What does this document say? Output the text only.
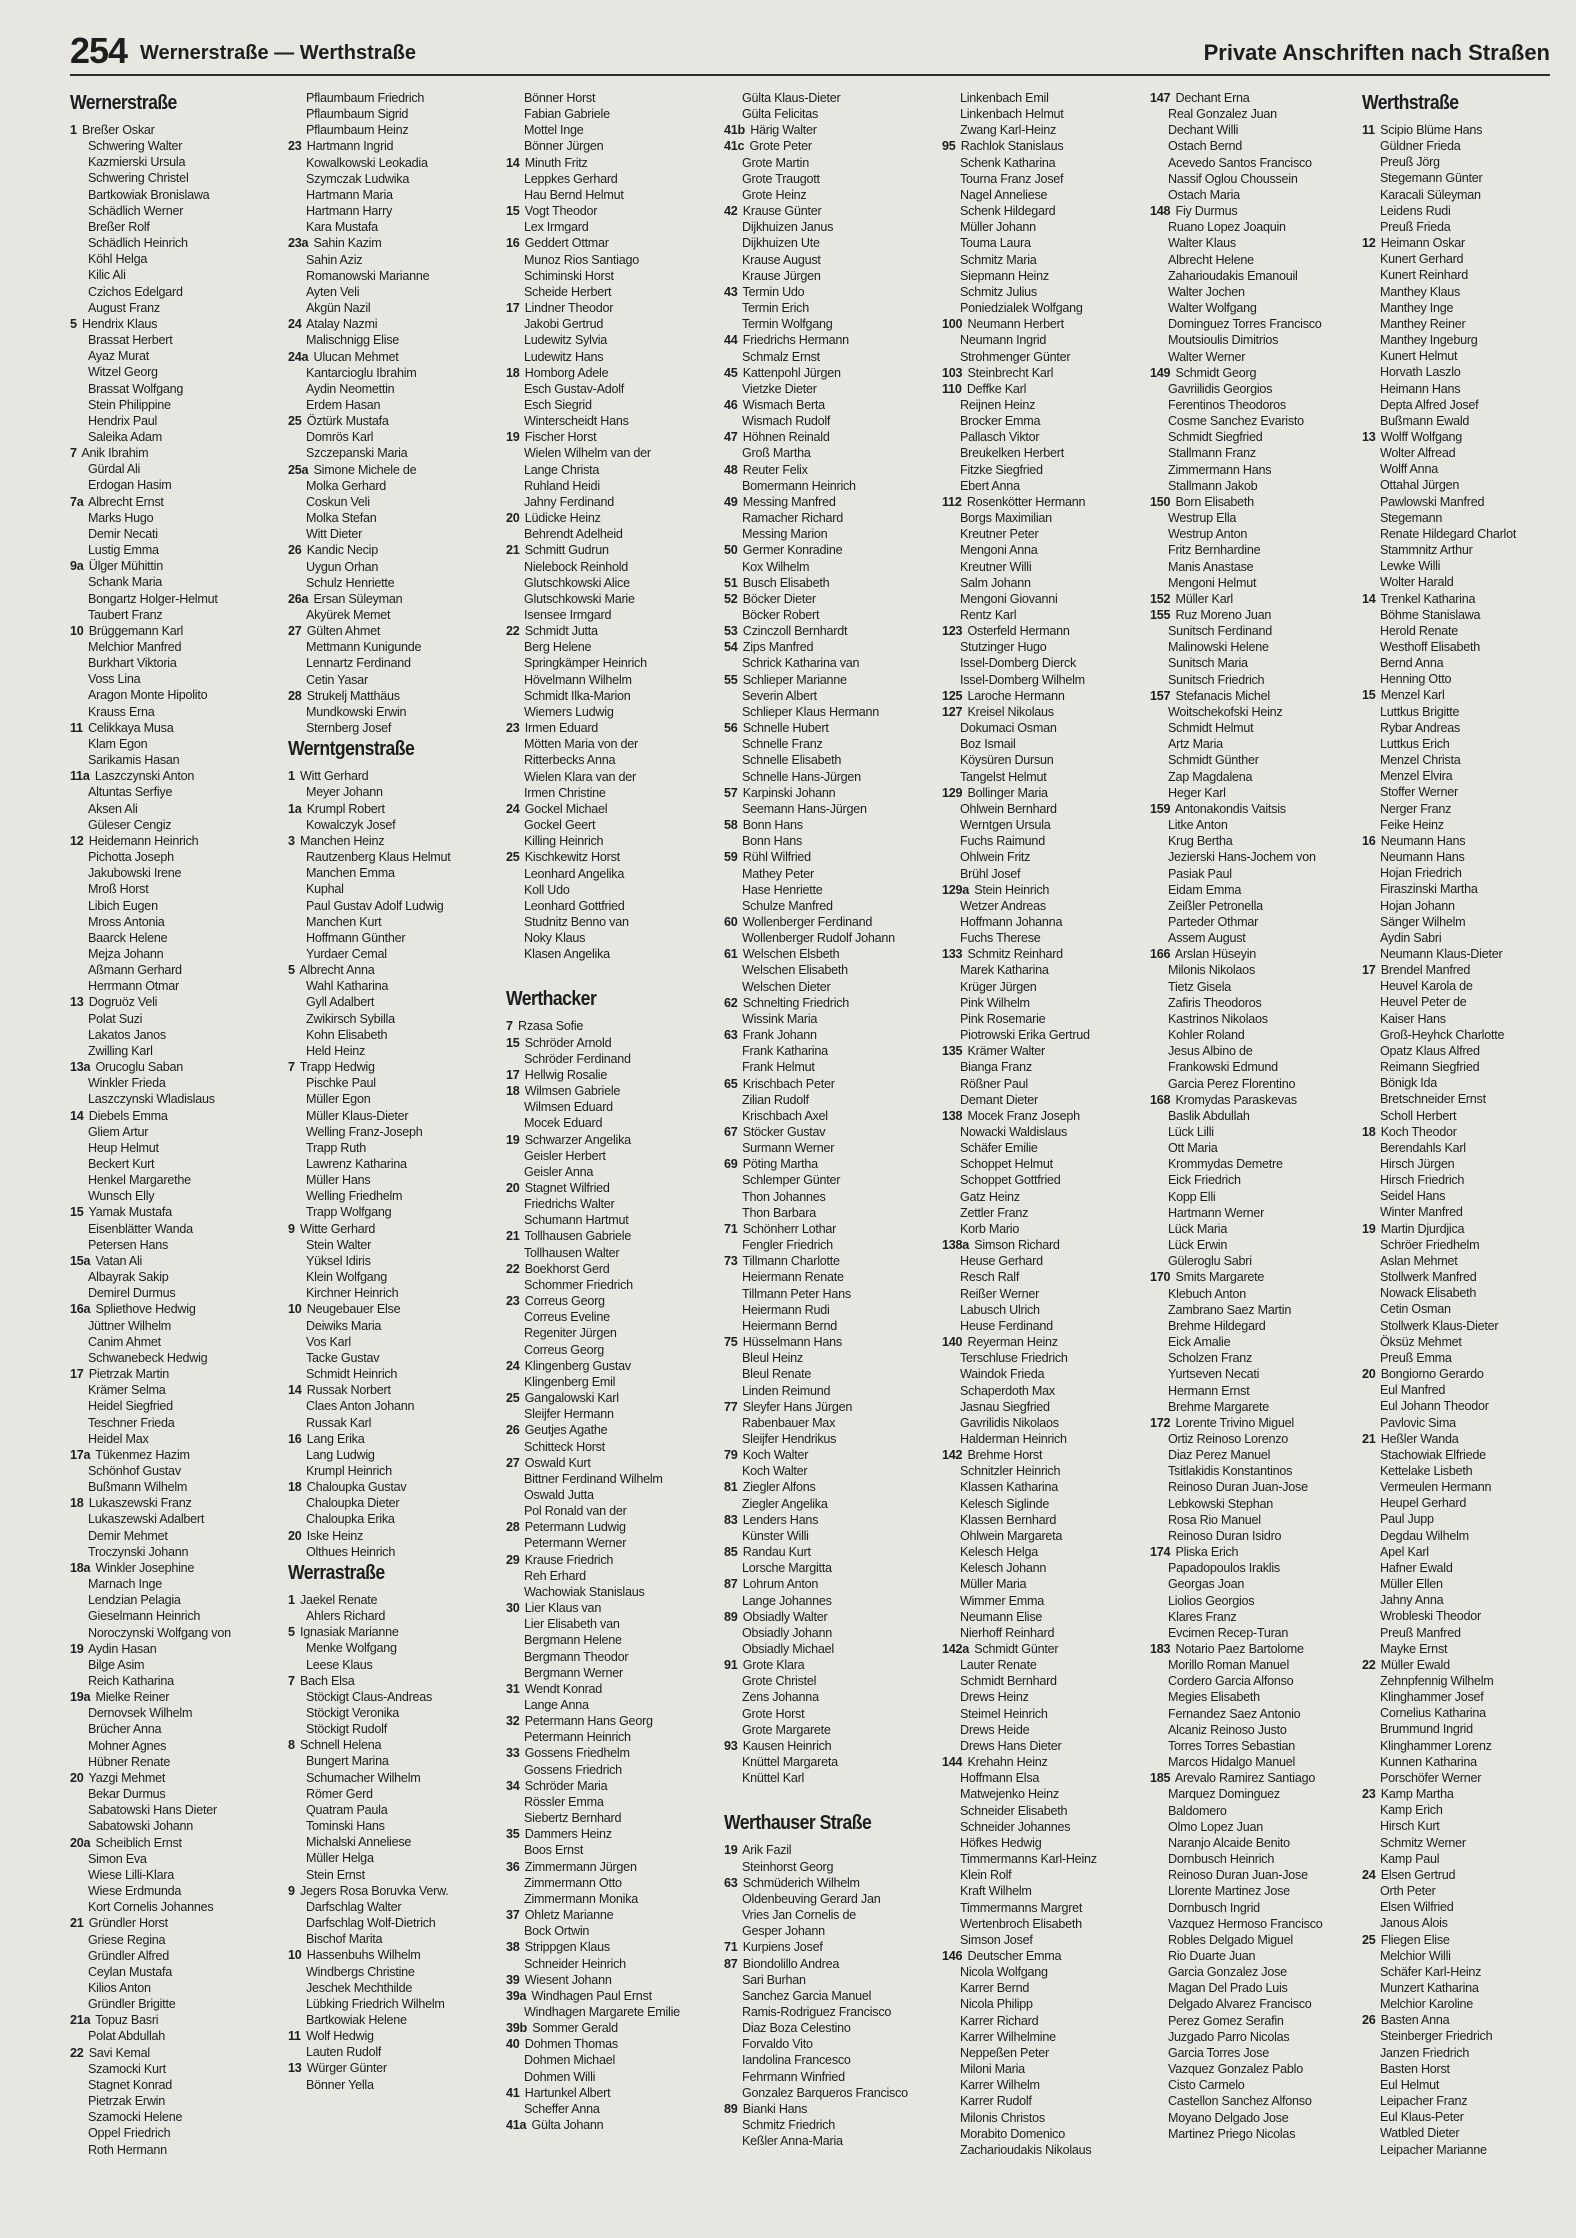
254 Wernerstraße — Werthstraße	Private Anschriften nach Straßen
Wernerstraße
1 Breßer Oskar
Schwering Walter
Kazmierski Ursula
Schwering Christel
Bartkowiak Bronislawa
Schädlich Werner
Breßer Rolf
Schädlich Heinrich
Köhl Helga
Kilic Ali
Czichos Edelgard
August Franz
5 Hendrix Klaus
Brassat Herbert
Ayaz Murat
Witzel Georg
Brassat Wolfgang
Stein Philippine
Hendrix Paul
Saleika Adam
7 Anik Ibrahim
Gürdal Ali
Erdogan Hasim
7a Albrecht Ernst
Marks Hugo
Demir Necati
Lustig Emma
9a Ülger Mühittin
Schank Maria
Bongartz Holger-Helmut
Taubert Franz
10 Brüggemann Karl
Melchior Manfred
Burkhart Viktoria
Voss Lina
Aragon Monte Hipolito
Krauss Erna
11 Celikkaya Musa
Klam Egon
Sarikamis Hasan
11a Laszczynski Anton
Altuntas Serfiye
Aksen Ali
Güleser Cengiz
12 Heidemann Heinrich
Pichotta Joseph
Jakubowski Irene
Mroß Horst
Libich Eugen
Mross Antonia
Baarck Helene
Mejza Johann
Aßmann Gerhard
Herrmann Otmar
13 Dogruöz Veli
Polat Suzi
Lakatos Janos
Zwilling Karl
13a Orucoglu Saban
Winkler Frieda
Laszczynski Wladislaus
14 Diebels Emma
Gliem Artur
Heup Helmut
Beckert Kurt
Henkel Margarethe
Wunsch Elly
15 Yamak Mustafa
Eisenblätter Wanda
Petersen Hans
15a Vatan Ali
Albayrak Sakip
Demirel Durmus
16a Spliethove Hedwig
Jüttner Wilhelm
Canim Ahmet
Schwanebeck Hedwig
17 Pietrzak Martin
Krämer Selma
Heidel Siegfried
Teschner Frieda
Heidel Max
17a Tükenmez Hazim
Schönhof Gustav
Bußmann Wilhelm
18 Lukaszewski Franz
Lukaszewski Adalbert
Demir Mehmet
Troczynski Johann
18a Winkler Josephine
Marnach Inge
Lendzian Pelagia
Gieselmann Heinrich
Noroczynski Wolfgang von
19 Aydin Hasan
Bilge Asim
Reich Katharina
19a Mielke Reiner
Dernovsek Wilhelm
Brücher Anna
Mohner Agnes
Hübner Renate
20 Yazgi Mehmet
Bekar Durmus
Sabatowski Hans Dieter
Sabatowski Johann
20a Scheiblich Ernst
Simon Eva
Wiese Lilli-Klara
Wiese Erdmunda
Kort Cornelis Johannes
21 Gründler Horst
Griese Regina
Gründler Alfred
Ceylan Mustafa
Kilios Anton
Gründler Brigitte
21a Topuz Basri
Polat Abdullah
22 Savi Kemal
Szamocki Kurt
Stagnet Konrad
Pietrzak Erwin
Szamocki Helene
Oppel Friedrich
Roth Hermann
Pflaumbaum Friedrich
Pflaumbaum Sigrid
Pflaumbaum Heinz
23 Hartmann Ingrid
Kowalkowski Leokadia
Szymczak Ludwika
Hartmann Maria
Hartmann Harry
Kara Mustafa
23a Sahin Kazim
Sahin Aziz
Romanowski Marianne
Ayten Veli
Akgün Nazil
24 Atalay Nazmi
Malischnigg Elise
24a Ulucan Mehmet
Kantarcioglu Ibrahim
Aydin Neomettin
Erdem Hasan
25 Öztürk Mustafa
Domrös Karl
Szczepanski Maria
25a Simone Michele de
Molka Gerhard
Coskun Veli
Molka Stefan
Witt Dieter
26 Kandic Necip
Uygun Orhan
Schulz Henriette
26a Ersan Süleyman
Akyürek Memet
27 Gülten Ahmet
Mettmann Kunigunde
Lennartz Ferdinand
Cetin Yasar
28 Strukelj Matthäus
Mundkowski Erwin
Sternberg Josef
Werntgenstraße
1 Witt Gerhard
Meyer Johann
1a Krumpl Robert
Kowalczyk Josef
3 Manchen Heinz
Rautzenberg Klaus Helmut
Manchen Emma
Kuphal
Paul Gustav Adolf Ludwig
Manchen Kurt
Hoffmann Günther
Yurdaer Cemal
5 Albrecht Anna
Wahl Katharina
Gyll Adalbert
Zwikirsch Sybilla
Kohn Elisabeth
Held Heinz
7 Trapp Hedwig
Pischke Paul
Müller Egon
Müller Klaus-Dieter
Welling Franz-Joseph
Trapp Ruth
Lawrenz Katharina
Müller Hans
Welling Friedhelm
Trapp Wolfgang
9 Witte Gerhard
Stein Walter
Yüksel Idiris
Klein Wolfgang
Kirchner Heinrich
10 Neugebauer Else
Deiwiks Maria
Vos Karl
Tacke Gustav
Schmidt Heinrich
14 Russak Norbert
Claes Anton Johann
Russak Karl
16 Lang Erika
Lang Ludwig
Krumpl Heinrich
18 Chaloupka Gustav
Chaloupka Dieter
Chaloupka Erika
20 Iske Heinz
Olthues Heinrich
Werrastraße
1 Jaekel Renate
Ahlers Richard
5 Ignasiak Marianne
Menke Wolfgang
Leese Klaus
7 Bach Elsa
Stöckigt Claus-Andreas
Stöckigt Veronika
Stöckigt Rudolf
8 Schnell Helena
Bungert Marina
Schumacher Wilhelm
Römer Gerd
Quatram Paula
Tominski Hans
Michalski Anneliese
Müller Helga
Stein Ernst
9 Jegers Rosa Boruvka Verw.
Darfschlag Walter
Darfschlag Wolf-Dietrich
Bischof Marita
10 Hassenbuhs Wilhelm
Windbergs Christine
Jeschek Mechthilde
Lübking Friedrich Wilhelm
Bartkowiak Helene
11 Wolf Hedwig
Lauten Rudolf
13 Würger Günter
Bönner Yella
Bönner Horst
Fabian Gabriele
Mottel Inge
Bönner Jürgen
14 Minuth Fritz
Leppkes Gerhard
Hau Bernd Helmut
15 Vogt Theodor
Lex Irmgard
16 Geddert Ottmar
Munoz Rios Santiago
Schiminski Horst
Scheide Herbert
17 Lindner Theodor
Jakobi Gertrud
Ludewitz Sylvia
Ludewitz Hans
18 Homborg Adele
Esch Gustav-Adolf
Esch Siegrid
Winterscheidt Hans
19 Fischer Horst
Wielen Wilhelm van der
Lange Christa
Ruhland Heidi
Jahny Ferdinand
20 Lüdicke Heinz
Behrendt Adelheid
21 Schmitt Gudrun
Nielebock Reinhold
Glutschkowski Alice
Glutschkowski Marie
Isensee Irmgard
22 Schmidt Jutta
Berg Helene
Springkämper Heinrich
Hövelmann Wilhelm
Schmidt Ilka-Marion
Wiemers Ludwig
23 Irmen Eduard
Mötten Maria von der
Ritterbecks Anna
Wielen Klara van der
Irmen Christine
24 Gockel Michael
Gockel Geert
Killing Heinrich
25 Kischkewitz Horst
Leonhard Angelika
Koll Udo
Leonhard Gottfried
Studnitz Benno van
Noky Klaus
Klasen Angelika
Werthacker
7 Rzasa Sofie
15 Schröder Arnold
Schröder Ferdinand
17 Hellwig Rosalie
18 Wilmsen Gabriele
Wilmsen Eduard
Mocek Eduard
19 Schwarzer Angelika
Geisler Herbert
Geisler Anna
20 Stagnet Wilfried
Friedrichs Walter
Schumann Hartmut
21 Tollhausen Gabriele
Tollhausen Walter
22 Boekhorst Gerd
Schommer Friedrich
23 Correus Georg
Correus Eveline
Regeniter Jürgen
Correus Georg
24 Klingenberg Gustav
Klingenberg Emil
25 Gangalowski Karl
Sleijfer Hermann
26 Geutjes Agathe
Schitteck Horst
27 Oswald Kurt
Bittner Ferdinand Wilhelm
Oswald Jutta
Pol Ronald van der
28 Petermann Ludwig
Petermann Werner
29 Krause Friedrich
Reh Erhard
Wachowiak Stanislaus
30 Lier Klaus van
Lier Elisabeth van
Bergmann Helene
Bergmann Theodor
Bergmann Werner
31 Wendt Konrad
Lange Anna
32 Petermann Hans Georg
Petermann Heinrich
33 Gossens Friedhelm
Gossens Friedrich
34 Schröder Maria
Rössler Emma
Siebertz Bernhard
35 Dammers Heinz
Boos Ernst
36 Zimmermann Jürgen
Zimmermann Otto
Zimmermann Monika
37 Ohletz Marianne
Bock Ortwin
38 Strippgen Klaus
Schneider Heinrich
39 Wiesent Johann
39a Windhagen Paul Ernst
Windhagen Margarete Emilie
39b Sommer Gerald
40 Dohmen Thomas
Dohmen Michael
Dohmen Willi
41 Hartunkel Albert
Scheffer Anna
41a Gülta Johann
Gülta Klaus-Dieter
Gülta Felicitas
41b Härig Walter
41c Grote Peter
Grote Martin
Grote Traugott
Grote Heinz
42 Krause Günter
Dijkhuizen Janus
Dijkhuizen Ute
Krause August
Krause Jürgen
43 Termin Udo
Termin Erich
Termin Wolfgang
44 Friedrichs Hermann
Schmalz Ernst
45 Kattenpohl Jürgen
Vietzke Dieter
46 Wismach Berta
Wismach Rudolf
47 Höhnen Reinald
Groß Martha
48 Reuter Felix
Bomermann Heinrich
49 Messing Manfred
Ramacher Richard
Messing Marion
50 Germer Konradine
Kox Wilhelm
51 Busch Elisabeth
52 Böcker Dieter
Böcker Robert
53 Czinczoll Bernhardt
54 Zips Manfred
Schrick Katharina van
55 Schlieper Marianne
Severin Albert
Schlieper Klaus Hermann
56 Schnelle Hubert
Schnelle Franz
Schnelle Elisabeth
Schnelle Hans-Jürgen
57 Karpinski Johann
Seemann Hans-Jürgen
58 Bonn Hans
Bonn Hans
59 Rühl Wilfried
Mathey Peter
Hase Henriette
Schulze Manfred
60 Wollenberger Ferdinand
Wollenberger Rudolf Johann
61 Welschen Elsbeth
Welschen Elisabeth
Welschen Dieter
62 Schnelting Friedrich
Wissink Maria
63 Frank Johann
Frank Katharina
Frank Helmut
65 Krischbach Peter
Zilian Rudolf
Krischbach Axel
67 Stöcker Gustav
Surmann Werner
69 Pöting Martha
Schlemper Günter
Thon Johannes
Thon Barbara
71 Schönherr Lothar
Fengler Friedrich
73 Tillmann Charlotte
Heiermann Renate
Tillmann Peter Hans
Heiermann Rudi
Heiermann Bernd
75 Hüsselmann Hans
Bleul Heinz
Bleul Renate
Linden Reimund
77 Sleyfer Hans Jürgen
Rabenbauer Max
Sleijfer Hendrikus
79 Koch Walter
Koch Walter
81 Ziegler Alfons
Ziegler Angelika
83 Lenders Hans
Künster Willi
85 Randau Kurt
Lorsche Margitta
87 Lohrum Anton
Lange Johannes
89 Obsiadly Walter
Obsiadly Johann
Obsiadly Michael
91 Grote Klara
Grote Christel
Zens Johanna
Grote Horst
Grote Margarete
93 Kausen Heinrich
Knüttel Margareta
Knüttel Karl
Werthauser Straße
19 Arik Fazil
Steinhorst Georg
63 Schmüderich Wilhelm
Oldenbeuving Gerard Jan
Vries Jan Cornelis de
Gesper Johann
71 Kurpiens Josef
87 Biondolillo Andrea
Sari Burhan
Sanchez Garcia Manuel
Ramis-Rodriguez Francisco
Diaz Boza Celestino
Forvaldo Vito
Iandolina Francesco
Fehrmann Winfried
Gonzalez Barqueros Francisco
89 Bianki Hans
Schmitz Friedrich
Keßler Anna-Maria
Linkenbach Emil
Linkenbach Helmut
Zwang Karl-Heinz
95 Rachlok Stanislaus
Schenk Katharina
Tourna Franz Josef
Nagel Anneliese
Schenk Hildegard
Müller Johann
Touma Laura
Schmitz Maria
Siepmann Heinz
Schmitz Julius
Poniedzialek Wolfgang
100 Neumann Herbert
Neumann Ingrid
Strohmenger Günter
103 Steinbrecht Karl
110 Deffke Karl
Reijnen Heinz
Brocker Emma
Pallasch Viktor
Breukelken Herbert
Fitzke Siegfried
Ebert Anna
112 Rosenkötter Hermann
Borgs Maximilian
Kreutner Peter
Mengoni Anna
Kreutner Willi
Salm Johann
Mengoni Giovanni
Rentz Karl
123 Osterfeld Hermann
Stutzinger Hugo
Issel-Domberg Dierck
Issel-Domberg Wilhelm
125 Laroche Hermann
127 Kreisel Nikolaus
Dokumaci Osman
Boz Ismail
Köysüren Dursun
Tangelst Helmut
129 Bollinger Maria
Ohlwein Bernhard
Werntgen Ursula
Fuchs Raimund
Ohlwein Fritz
Brühl Josef
129a Stein Heinrich
Wetzer Andreas
Hoffmann Johanna
Fuchs Therese
133 Schmitz Reinhard
Marek Katharina
Krüger Jürgen
Pink Wilhelm
Pink Rosemarie
Piotrowski Erika Gertrud
135 Krämer Walter
Bianga Franz
Rößner Paul
Demant Dieter
138 Mocek Franz Joseph
Nowacki Waldislaus
Schäfer Emilie
Schoppet Helmut
Schoppet Gottfried
Gatz Heinz
Zettler Franz
Korb Mario
138a Simson Richard
Heuse Gerhard
Resch Ralf
Reißer Werner
Labusch Ulrich
Heuse Ferdinand
140 Reyerman Heinz
Terschluse Friedrich
Waindok Frieda
Schaperdoth Max
Jasnau Siegfried
Gavrilidis Nikolaos
Halderman Heinrich
142 Brehme Horst
Schnitzler Heinrich
Klassen Katharina
Kelesch Siglinde
Klassen Bernhard
Ohlwein Margareta
Kelesch Helga
Kelesch Johann
Müller Maria
Wimmer Emma
Neumann Elise
Nierhoff Reinhard
142a Schmidt Günter
Lauter Renate
Schmidt Bernhard
Drews Heinz
Steimel Heinrich
Drews Heide
Drews Hans Dieter
144 Krehahn Heinz
Hoffmann Elsa
Matwejenko Heinz
Schneider Elisabeth
Schneider Johannes
Höfkes Hedwig
Timmermanns Karl-Heinz
Klein Rolf
Kraft Wilhelm
Timmermanns Margret
Wertenbroch Elisabeth
Simson Josef
146 Deutscher Emma
Nicola Wolfgang
Karrer Bernd
Nicola Philipp
Karrer Richard
Karrer Wilhelmine
Neppeßen Peter
Miloni Maria
Karrer Wilhelm
Karrer Rudolf
Milonis Christos
Morabito Domenico
Zacharioudakis Nikolaus
147 Dechant Erna
Real Gonzalez Juan
Dechant Willi
Ostach Bernd
Acevedo Santos Francisco
Nassif Oglou Choussein
Ostach Maria
148 Fiy Durmus
Ruano Lopez Joaquin
Walter Klaus
Albrecht Helene
Zaharioudakis Emanouil
Walter Jochen
Walter Wolfgang
Dominguez Torres Francisco
Moutsioulis Dimitrios
Walter Werner
149 Schmidt Georg
Gavriilidis Georgios
Ferentinos Theodoros
Cosme Sanchez Evaristo
Schmidt Siegfried
Stallmann Franz
Zimmermann Hans
Stallmann Jakob
150 Born Elisabeth
Westrup Ella
Westrup Anton
Fritz Bernhardine
Manis Anastase
Mengoni Helmut
152 Müller Karl
155 Ruz Moreno Juan
Sunitsch Ferdinand
Malinowski Helene
Sunitsch Maria
Sunitsch Friedrich
157 Stefanacis Michel
Woitschekofski Heinz
Schmidt Helmut
Artz Maria
Schmidt Günther
Zap Magdalena
Heger Karl
159 Antonakondis Vaitsis
Litke Anton
Krug Bertha
Jezierski Hans-Jochem von
Pasiak Paul
Eidam Emma
Zeißler Petronella
Parteder Othmar
Assem August
166 Arslan Hüseyin
Milonis Nikolaos
Tietz Gisela
Zafiris Theodoros
Kastrinos Nikolaos
Kohler Roland
Jesus Albino de
Frankowski Edmund
Garcia Perez Florentino
168 Kromydas Paraskevas
Baslik Abdullah
Lück Lilli
Ott Maria
Krommydas Demetre
Eick Friedrich
Kopp Elli
Hartmann Werner
Lück Maria
Lück Erwin
Güleroglu Sabri
170 Smits Margarete
Klebuch Anton
Zambrano Saez Martin
Brehme Hildegard
Eick Amalie
Scholzen Franz
Yurtseven Necati
Hermann Ernst
Brehme Margarete
172 Lorente Trivino Miguel
Ortiz Reinoso Lorenzo
Diaz Perez Manuel
Tsitlakidis Konstantinos
Reinoso Duran Juan-Jose
Lebkowski Stephan
Rosa Rio Manuel
Reinoso Duran Isidro
174 Pliska Erich
Papadopoulos Iraklis
Georgas Joan
Liolios Georgios
Klares Franz
Evcimen Recep-Turan
183 Notario Paez Bartolome
Morillo Roman Manuel
Cordero Garcia Alfonso
Megies Elisabeth
Fernandez Saez Antonio
Alcaniz Reinoso Justo
Torres Torres Sebastian
Marcos Hidalgo Manuel
185 Arevalo Ramirez Santiago
Marquez Dominguez
Baldomero
Olmo Lopez Juan
Naranjo Alcaide Benito
Dornbusch Heinrich
Reinoso Duran Juan-Jose
Llorente Martinez Jose
Dornbusch Ingrid
Vazquez Hermoso Francisco
Robles Delgado Miguel
Rio Duarte Juan
Garcia Gonzalez Jose
Magan Del Prado Luis
Delgado Alvarez Francisco
Perez Gomez Serafin
Juzgado Parro Nicolas
Garcia Torres Jose
Vazquez Gonzalez Pablo
Cisto Carmelo
Castellon Sanchez Alfonso
Moyano Delgado Jose
Martinez Priego Nicolas
Werthstraße
11 Scipio Blüme Hans
Güldner Frieda
Preuß Jörg
Stegemann Günter
Karacali Süleyman
Leidens Rudi
Preuß Frieda
12 Heimann Oskar
Kunert Gerhard
Kunert Reinhard
Manthey Klaus
Manthey Inge
Manthey Reiner
Manthey Ingeburg
Kunert Helmut
Horvath Laszlo
Heimann Hans
Depta Alfred Josef
Bußmann Ewald
13 Wolff Wolfgang
Wolter Alfread
Wolff Anna
Ottahal Jürgen
Pawlowski Manfred
Stegemann
Renate Hildegard Charlot
Stammnitz Arthur
Lewke Willi
Wolter Harald
14 Trenkel Katharina
Böhme Stanislawa
Herold Renate
Westhoff Elisabeth
Bernd Anna
Henning Otto
15 Menzel Karl
Luttkus Brigitte
Rybar Andreas
Luttkus Erich
Menzel Christa
Menzel Elvira
Stoffer Werner
Nerger Franz
Feike Heinz
16 Neumann Hans
Neumann Hans
Hojan Friedrich
Firaszinski Martha
Hojan Johann
Sänger Wilhelm
Aydin Sabri
Neumann Klaus-Dieter
17 Brendel Manfred
Heuvel Karola de
Heuvel Peter de
Kaiser Hans
Groß-Heyhck Charlotte
Opatz Klaus Alfred
Reimann Siegfried
Bönigk Ida
Bretschneider Ernst
Scholl Herbert
18 Koch Theodor
Berendahls Karl
Hirsch Jürgen
Hirsch Friedrich
Seidel Hans
Winter Manfred
19 Martin Djurdjica
Schröer Friedhelm
Aslan Mehmet
Stollwerk Manfred
Nowack Elisabeth
Cetin Osman
Stollwerk Klaus-Dieter
Öksüz Mehmet
Preuß Emma
20 Bongiorno Gerardo
Eul Manfred
Eul Johann Theodor
Pavlovic Sima
21 Heßler Wanda
Stachowiak Elfriede
Kettelake Lisbeth
Vermeulen Hermann
Heupel Gerhard
Paul Jupp
Degdau Wilhelm
Apel Karl
Hafner Ewald
Müller Ellen
Jahny Anna
Wrobleski Theodor
Preuß Manfred
Mayke Ernst
22 Müller Ewald
Zehnpfennig Wilhelm
Klinghammer Josef
Cornelius Katharina
Brummund Ingrid
Klinghammer Lorenz
Kunnen Katharina
Porschöfer Werner
23 Kamp Martha
Kamp Erich
Hirsch Kurt
Schmitz Werner
Kamp Paul
24 Elsen Gertrud
Orth Peter
Elsen Wilfried
Janous Alois
25 Fliegen Elise
Melchior Willi
Schäfer Karl-Heinz
Munzert Katharina
Melchior Karoline
26 Basten Anna
Steinberger Friedrich
Janzen Friedrich
Basten Horst
Eul Helmut
Leipacher Franz
Eul Klaus-Peter
Watbled Dieter
Leipacher Marianne
